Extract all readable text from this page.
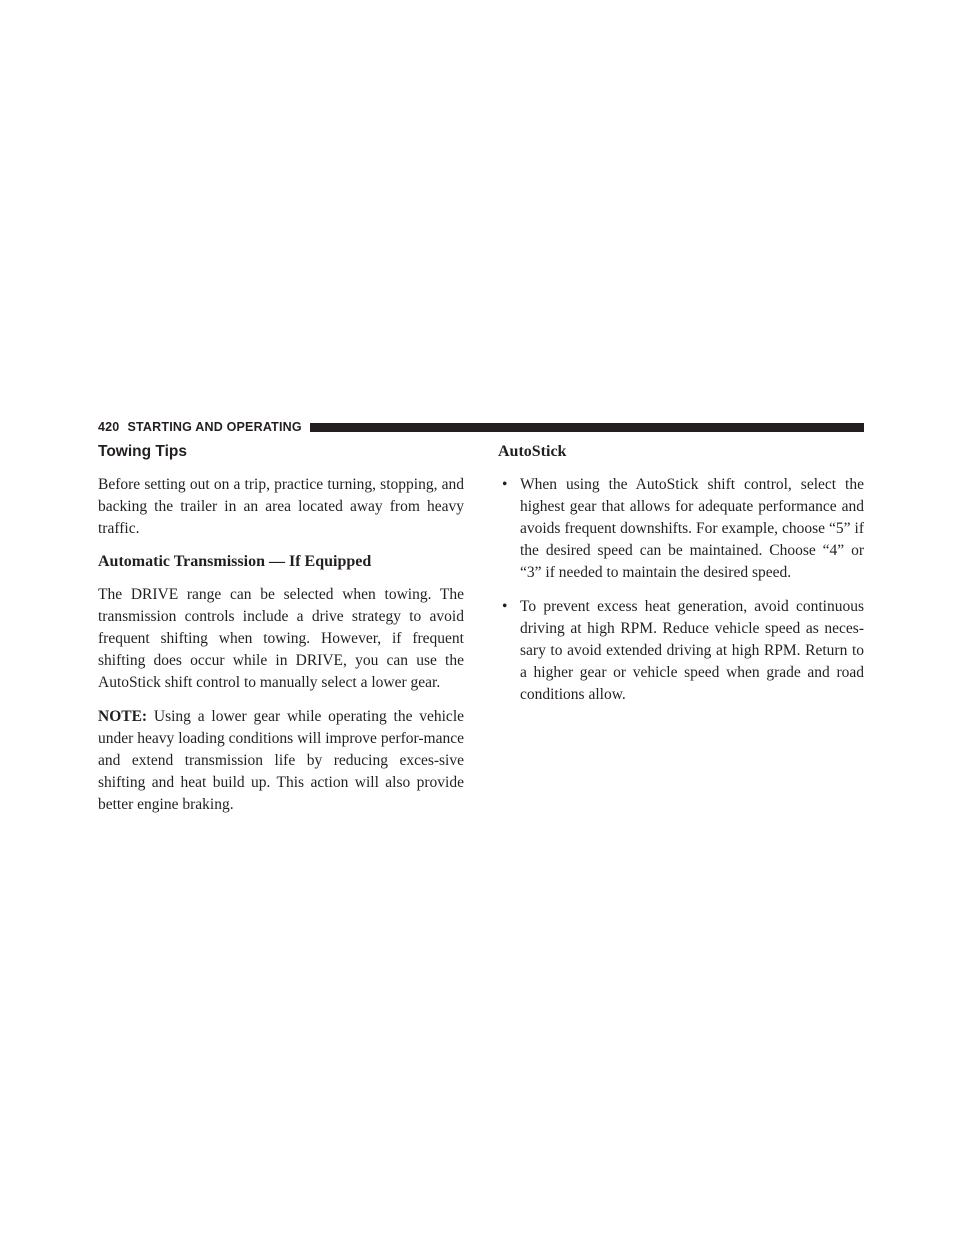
420 STARTING AND OPERATING
Towing Tips

Before setting out on a trip, practice turning, stopping, and backing the trailer in an area located away from heavy traffic.

Automatic Transmission — If Equipped

The DRIVE range can be selected when towing. The transmission controls include a drive strategy to avoid frequent shifting when towing. However, if frequent shifting does occur while in DRIVE, you can use the AutoStick shift control to manually select a lower gear.

NOTE: Using a lower gear while operating the vehicle under heavy loading conditions will improve perfor-mance and extend transmission life by reducing exces-sive shifting and heat build up. This action will also provide better engine braking.

AutoStick
• When using the AutoStick shift control, select the highest gear that allows for adequate performance and avoids frequent downshifts. For example, choose “5” if the desired speed can be maintained. Choose “4” or “3” if needed to maintain the desired speed.
• To prevent excess heat generation, avoid continuous driving at high RPM. Reduce vehicle speed as neces-sary to avoid extended driving at high RPM. Return to a higher gear or vehicle speed when grade and road conditions allow.
